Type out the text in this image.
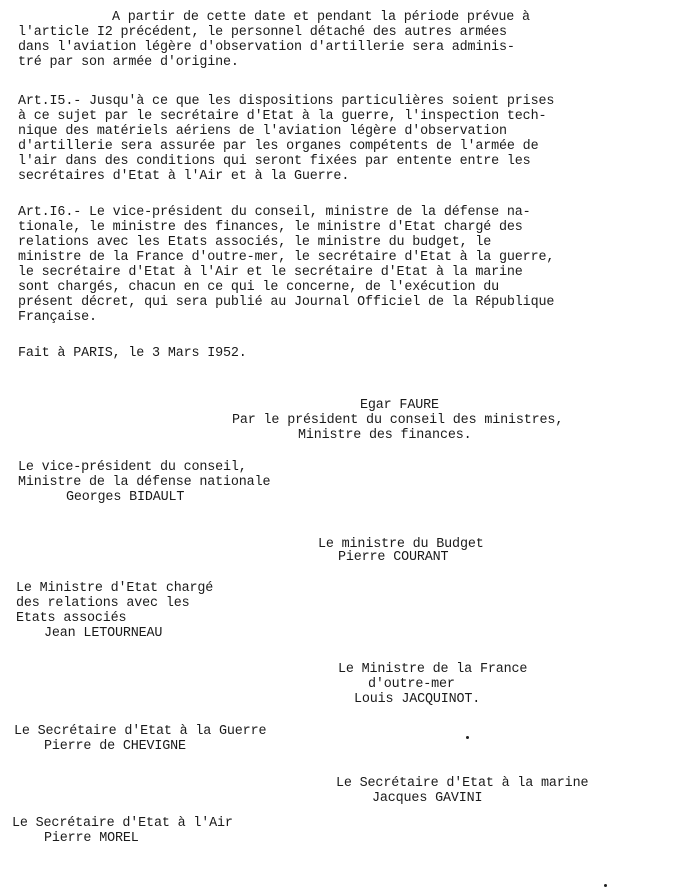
A partir de cette date et pendant la période prévue à
l'article I2 précédent, le personnel détaché des autres armées
dans l'aviation légère d'observation d'artillerie sera adminis-
tré par son armée d'origine.
Art.I5.- Jusqu'à ce que les dispositions particulières soient prises
à ce sujet par le secrétaire d'Etat à la guerre, l'inspection tech-
nique des matériels aériens de l'aviation légère d'observation
d'artillerie sera assurée par les organes compétents de l'armée de
l'air dans des conditions qui seront fixées par entente entre les
secrétaires d'Etat à l'Air et à la Guerre.
Art.I6.- Le vice-président du conseil, ministre de la défense na-
tionale, le ministre des finances, le ministre d'Etat chargé des
relations avec les Etats associés, le ministre du budget, le
ministre de la France d'outre-mer, le secrétaire d'Etat à la guerre,
le secrétaire d'Etat à l'Air et le secrétaire d'Etat à la marine
sont chargés, chacun en ce qui le concerne, de l'exécution du
présent décret, qui sera publié au Journal Officiel de la République
Française.
Fait à PARIS, le 3 Mars I952.
Egar FAURE
Par le président du conseil des ministres,
Ministre des finances.
Le vice-président du conseil,
Ministre de la défense nationale
Georges BIDAULT
Le ministre du Budget
Pierre COURANT
Le Ministre d'Etat chargé
des relations avec les
Etats associés
Jean LETOURNEAU
Le Ministre de la France
d'outre-mer
Louis JACQUINOT.
Le Secrétaire d'Etat à la Guerre
Pierre de CHEVIGNE
Le Secrétaire d'Etat à la marine
Jacques GAVINI
Le Secrétaire d'Etat à l'Air
Pierre MOREL
